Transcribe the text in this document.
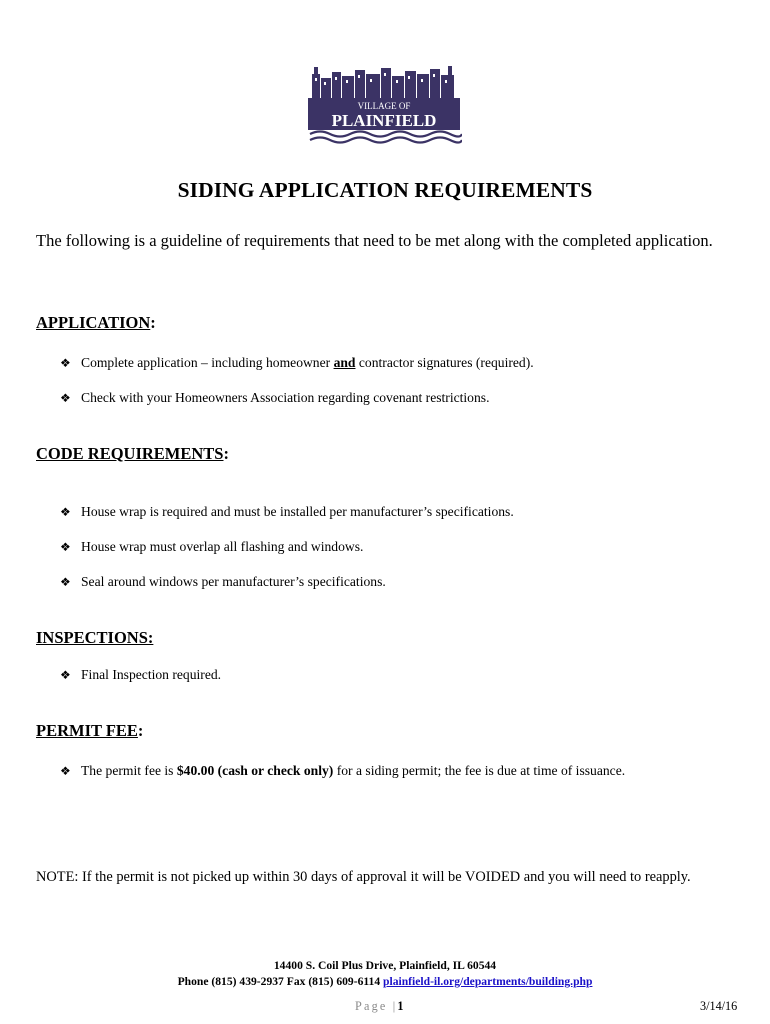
VILLAGE OF
PLAINFIELD
SIDING APPLICATION REQUIREMENTS
The following is a guideline of requirements that need to be met along with the completed application.
APPLICATION:
❖ Complete application – including homeowner and contractor signatures (required).
❖ Check with your Homeowners Association regarding covenant restrictions.
CODE REQUIREMENTS:
❖ House wrap is required and must be installed per manufacturer’s specifications.
❖ House wrap must overlap all flashing and windows.
❖ Seal around windows per manufacturer’s specifications.
INSPECTIONS:
❖ Final Inspection required.
PERMIT FEE:
❖ The permit fee is $40.00 (cash or check only) for a siding permit; the fee is due at time of issuance.
NOTE: If the permit is not picked up within 30 days of approval it will be VOIDED and you will need to reapply.
14400 S. Coil Plus Drive, Plainfield, IL 60544
Phone (815) 439-2937 Fax (815) 609-6114 plainfield-il.org/departments/building.php
Page |1	3/14/16
